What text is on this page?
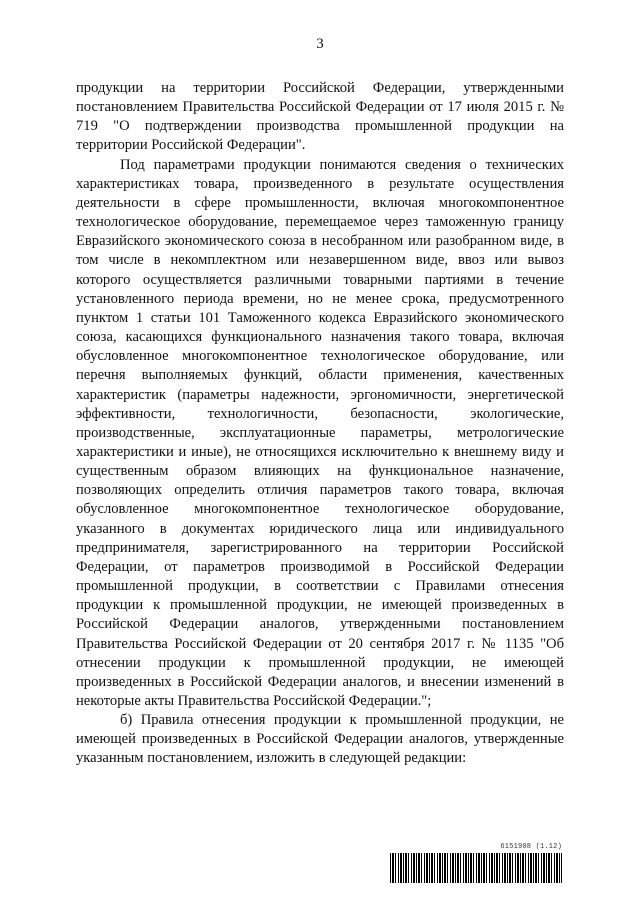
3

продукции на территории Российской Федерации, утвержденными постановлением Правительства Российской Федерации от 17 июля 2015 г. № 719 "О подтверждении производства промышленной продукции на территории Российской Федерации".

Под параметрами продукции понимаются сведения о технических характеристиках товара, произведенного в результате осуществления деятельности в сфере промышленности, включая многокомпонентное технологическое оборудование, перемещаемое через таможенную границу Евразийского экономического союза в несобранном или разобранном виде, в том числе в некомплектном или незавершенном виде, ввоз или вывоз которого осуществляется различными товарными партиями в течение установленного периода времени, но не менее срока, предусмотренного пунктом 1 статьи 101 Таможенного кодекса Евразийского экономического союза, касающихся функционального назначения такого товара, включая обусловленное многокомпонентное технологическое оборудование, или перечня выполняемых функций, области применения, качественных характеристик (параметры надежности, эргономичности, энергетической эффективности, технологичности, безопасности, экологические, производственные, эксплуатационные параметры, метрологические характеристики и иные), не относящихся исключительно к внешнему виду и существенным образом влияющих на функциональное назначение, позволяющих определить отличия параметров такого товара, включая обусловленное многокомпонентное технологическое оборудование, указанного в документах юридического лица или индивидуального предпринимателя, зарегистрированного на территории Российской Федерации, от параметров производимой в Российской Федерации промышленной продукции, в соответствии с Правилами отнесения продукции к промышленной продукции, не имеющей произведенных в Российской Федерации аналогов, утвержденными постановлением Правительства Российской Федерации от 20 сентября 2017 г. № 1135 "Об отнесении продукции к промышленной продукции, не имеющей произведенных в Российской Федерации аналогов, и внесении изменений в некоторые акты Правительства Российской Федерации.";

б) Правила отнесения продукции к промышленной продукции, не имеющей произведенных в Российской Федерации аналогов, утвержденные указанным постановлением, изложить в следующей редакции:

6151908 (1.12)
